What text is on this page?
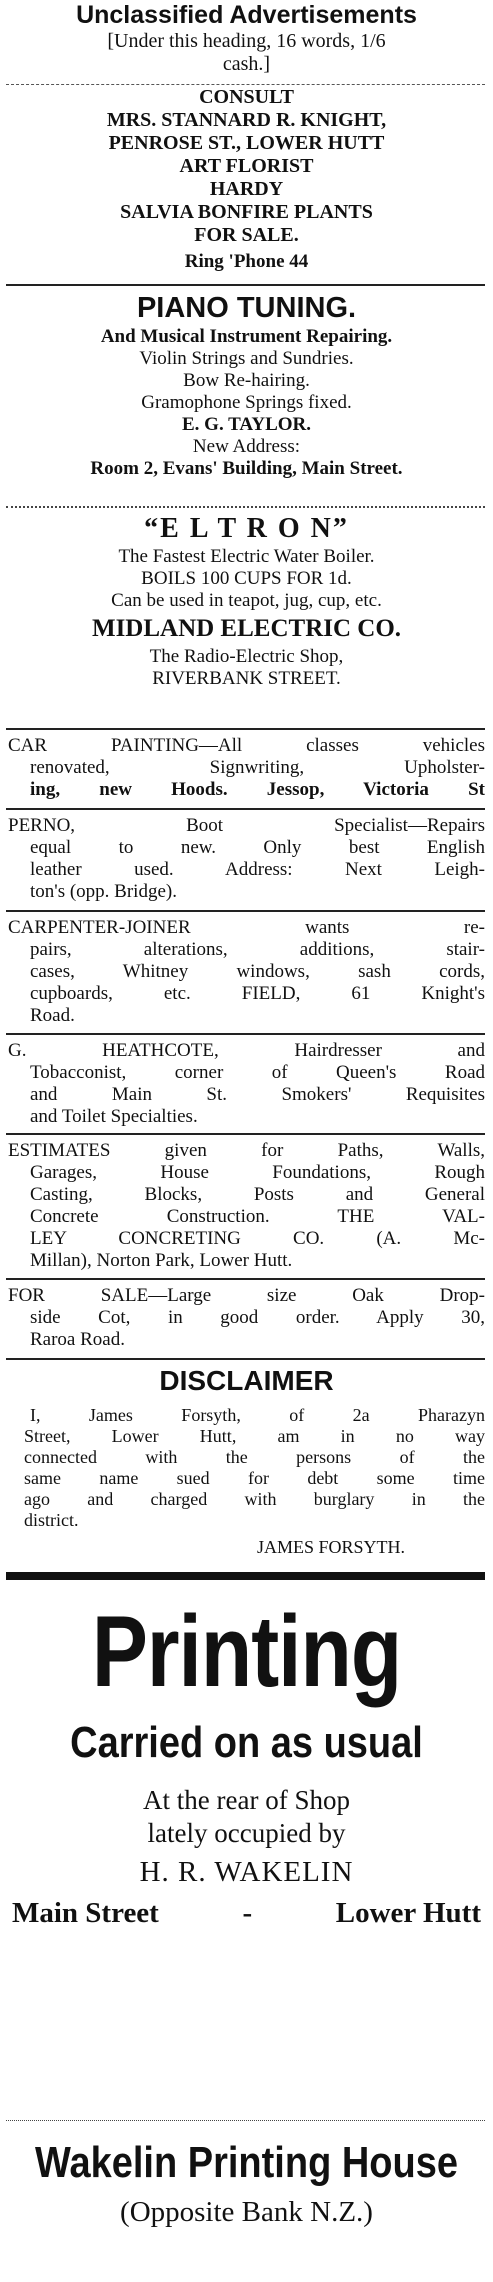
Unclassified Advertisements
[Under this heading, 16 words, 1/6
cash.]
CONSULT
MRS. STANNARD R. KNIGHT,
PENROSE ST., LOWER HUTT
ART FLORIST
HARDY
SALVIA BONFIRE PLANTS
FOR SALE.
Ring 'Phone 44
PIANO TUNING.
And Musical Instrument Repairing.
Violin Strings and Sundries.
Bow Re-hairing.
Gramophone Springs fixed.
E. G. TAYLOR.
New Address:
Room 2, Evans' Building, Main Street.
“E L T R O N”
The Fastest Electric Water Boiler.
BOILS 100 CUPS FOR 1d.
Can be used in teapot, jug, cup, etc.
MIDLAND ELECTRIC CO.
The Radio-Electric Shop,
RIVERBANK STREET.
CAR PAINTING—All classes vehicles
renovated, Signwriting, Upholster-
ing, new Hoods. Jessop, Victoria St
PERNO, Boot Specialist—Repairs
equal to new. Only best English
leather used. Address: Next Leigh-
ton's (opp. Bridge).
CARPENTER-JOINER wants re-
pairs, alterations, additions, stair-
cases, Whitney windows, sash cords,
cupboards, etc. FIELD, 61 Knight's
Road.
G. HEATHCOTE, Hairdresser and
Tobacconist, corner of Queen's Road
and Main St. Smokers' Requisites
and Toilet Specialties.
ESTIMATES given for Paths, Walls,
Garages, House Foundations, Rough
Casting, Blocks, Posts and General
Concrete Construction. THE VAL-
LEY CONCRETING CO. (A. Mc-
Millan), Norton Park, Lower Hutt.
FOR SALE—Large size Oak Drop-
side Cot, in good order. Apply 30,
Raroa Road.
DISCLAIMER
I, James Forsyth, of 2a Pharazyn
Street, Lower Hutt, am in no way
connected with the persons of the
same name sued for debt some time
ago and charged with burglary in the
district.
JAMES FORSYTH.
Printing
Carried on as usual
At the rear of Shop
lately occupied by
H. R. WAKELIN
Main Street	-	Lower Hutt
Wakelin Printing House
(Opposite Bank N.Z.)
